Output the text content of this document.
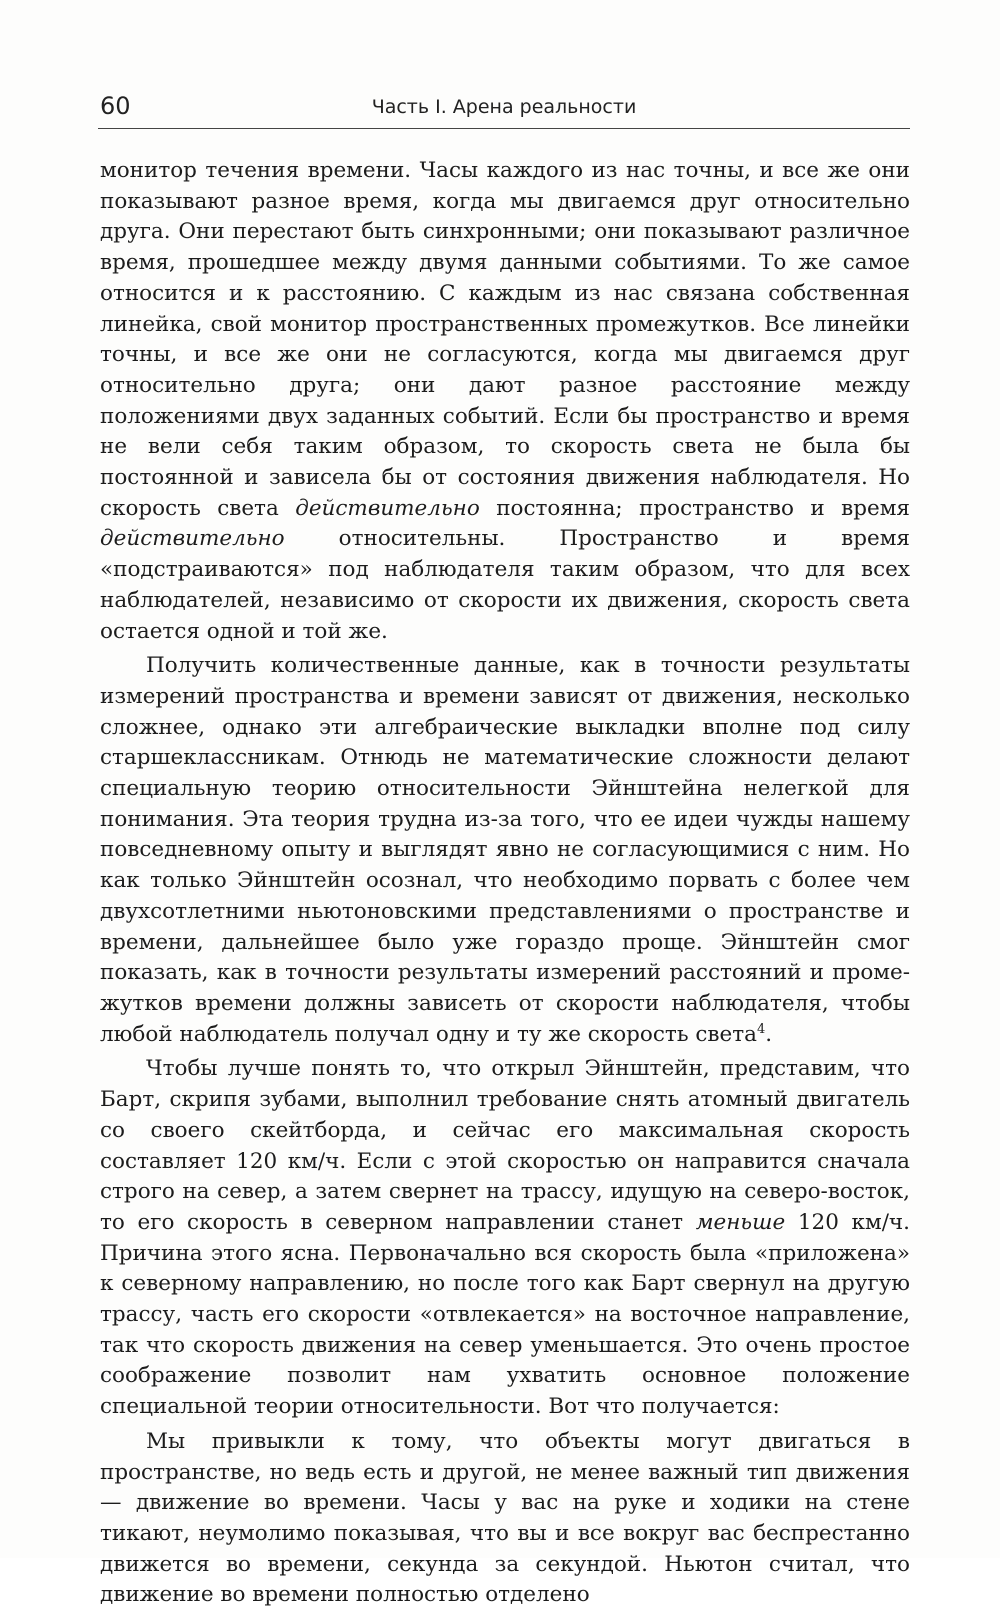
60	Часть I. Арена реальности

монитор течения времени. Часы каждого из нас точны, и все же они показывают разное время, когда мы двигаемся друг относительно друга. Они перестают быть синхронными; они показывают различное время, прошедшее между двумя данными событиями. То же самое относится и к расстоянию. С каждым из нас связана собственная линейка, свой монитор пространственных промежутков. Все линейки точны, и все же они не согласуются, когда мы двигаемся друг относительно друга; они дают разное расстояние между положениями двух заданных событий. Если бы пространство и время не вели себя таким образом, то скорость света не была бы постоянной и зависела бы от состояния движения наблюдателя. Но скорость света действительно постоянна; пространство и время действительно относительны. Пространство и время «подстраиваются» под наблюдателя таким образом, что для всех наблюдателей, независимо от скорости их движения, скорость света остается одной и той же.

Получить количественные данные, как в точности результаты измерений пространства и времени зависят от движения, несколько сложнее, однако эти алгебраические выкладки вполне под силу старшеклассникам. Отнюдь не математические сложности делают специальную теорию относительности Эйнштейна нелегкой для понимания. Эта теория трудна из-за того, что ее идеи чужды нашему повседневному опыту и выглядят явно не согласующимися с ним. Но как только Эйнштейн осознал, что необходимо порвать с более чем двухсотлетними ньютоновскими представлениями о пространстве и времени, дальнейшее было уже гораздо проще. Эйнштейн смог показать, как в точности результаты измерений расстояний и промежутков времени должны зависеть от скорости наблюдателя, чтобы любой наблюдатель получал одну и ту же скорость света$^4$.

Чтобы лучше понять то, что открыл Эйнштейн, представим, что Барт, скрипя зубами, выполнил требование снять атомный двигатель со своего скейтборда, и сейчас его максимальная скорость составляет 120 км/ч. Если с этой скоростью он направится сначала строго на север, а затем свернет на трассу, идущую на северо-восток, то его скорость в северном направлении станет меньше 120 км/ч. Причина этого ясна. Первоначально вся скорость была «приложена» к северному направлению, но после того как Барт свернул на другую трассу, часть его скорости «отвлекается» на восточное направление, так что скорость движения на север уменьшается. Это очень простое соображение позволит нам ухватить основное положение специальной теории относительности. Вот что получается:

Мы привыкли к тому, что объекты могут двигаться в пространстве, но ведь есть и другой, не менее важный тип движения — движение во времени. Часы у вас на руке и ходики на стене тикают, неумолимо показывая, что вы и все вокруг вас беспрестанно движется во времени, секунда за секундой. Ньютон считал, что движение во времени полностью отделено
